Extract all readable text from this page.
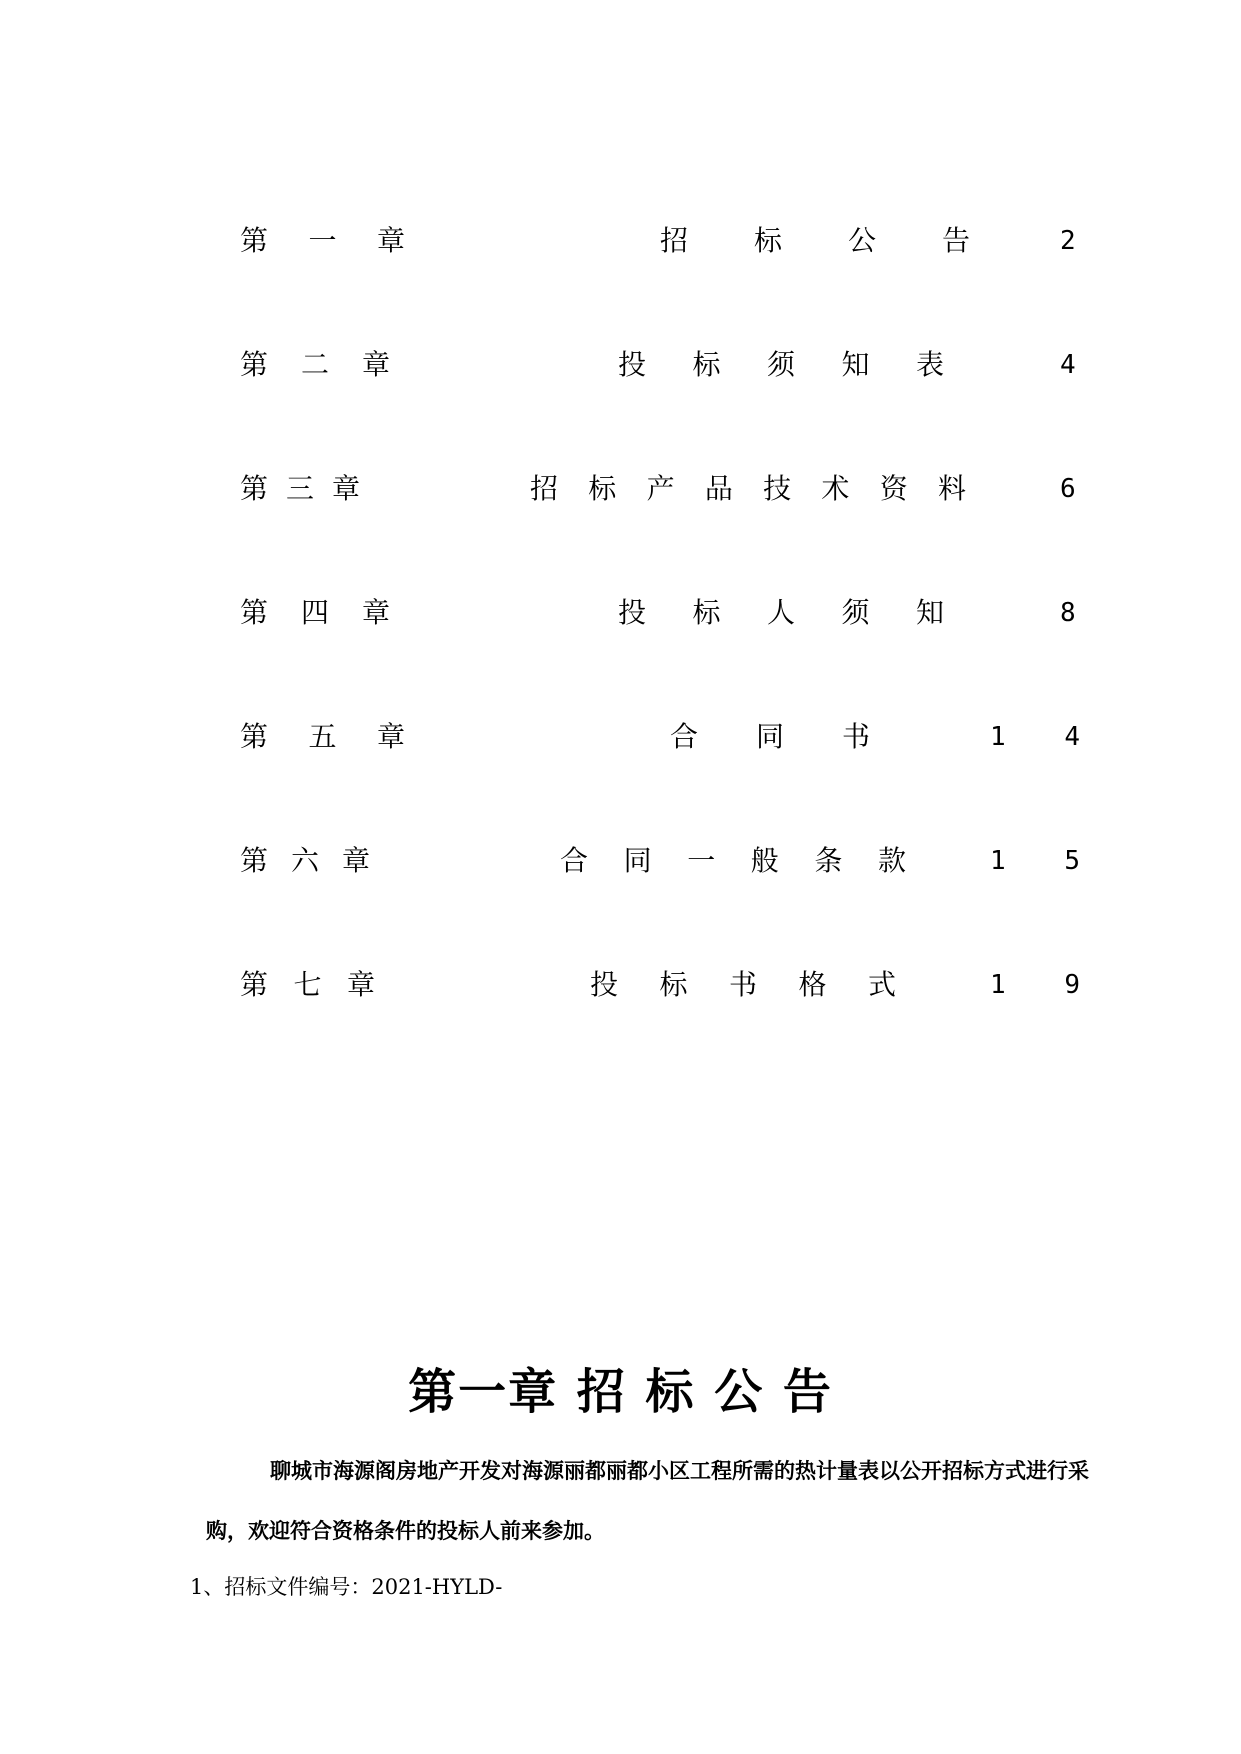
第 一 章	招 标 公 告	2
第 二 章	投 标 须 知 表	4
第 三 章	招 标 产 品 技 术 资 料	6
第 四 章	投 标 人 须 知	8
第 五 章	合 同 书	1 4
第 六 章	合 同 一 般 条 款	1 5
第 七 章	投 标 书 格 式	1 9
第一章 招 标 公 告
聊城市海源阁房地产开发对海源丽都丽都小区工程所需的热计量表以公开招标方式进行采
购，欢迎符合资格条件的投标人前来参加。
1、招标文件编号：2021-HYLD-
